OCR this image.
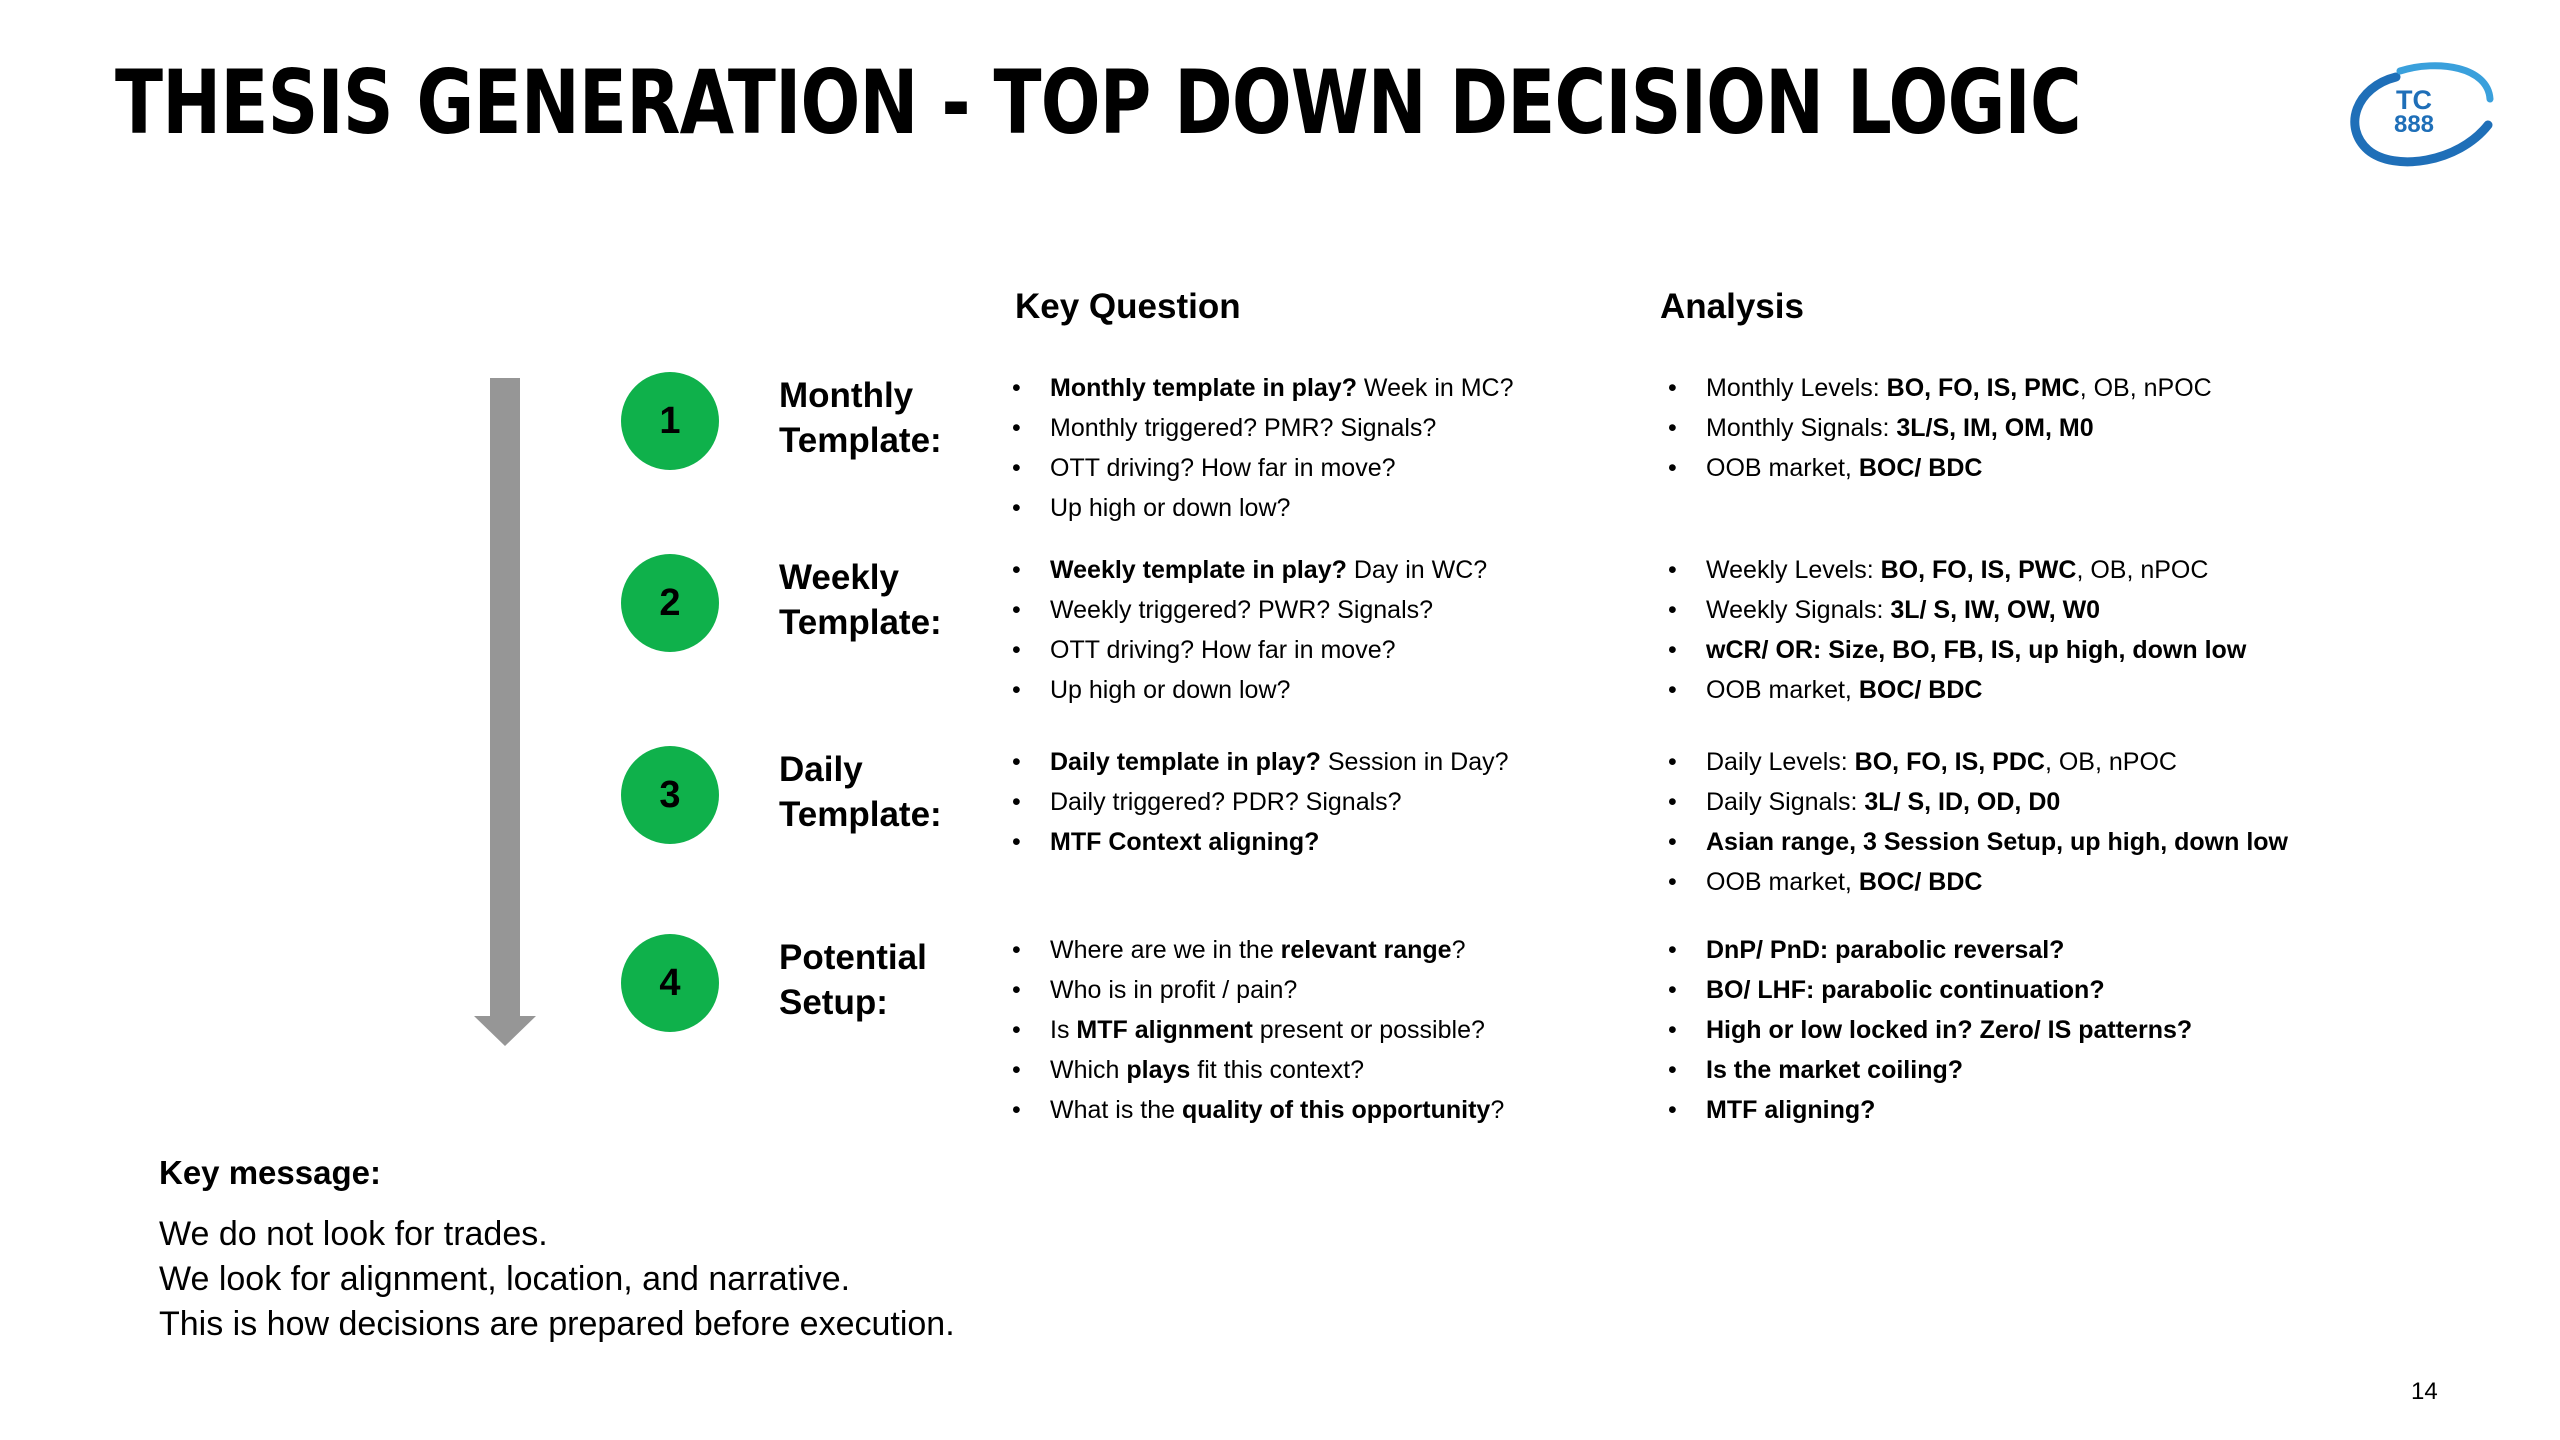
THESIS GENERATION - TOP DOWN DECISION LOGIC	TC
888
Key Question	Analysis
1
Monthly
Template:
• Monthly template in play? Week in MC?
• Monthly triggered? PMR? Signals?
• OTT driving? How far in move?
• Up high or down low?
• Monthly Levels: BO, FO, IS, PMC, OB, nPOC
• Monthly Signals: 3L/S, IM, OM, M0
• OOB market, BOC/ BDC
2
Weekly
Template:
• Weekly template in play? Day in WC?
• Weekly triggered? PWR? Signals?
• OTT driving? How far in move?
• Up high or down low?
• Weekly Levels: BO, FO, IS, PWC, OB, nPOC
• Weekly Signals: 3L/ S, IW, OW, W0
• wCR/ OR: Size, BO, FB, IS, up high, down low
• OOB market, BOC/ BDC
3
Daily
Template:
• Daily template in play? Session in Day?
• Daily triggered? PDR? Signals?
• MTF Context aligning?
• Daily Levels: BO, FO, IS, PDC, OB, nPOC
• Daily Signals: 3L/ S, ID, OD, D0
• Asian range, 3 Session Setup, up high, down low
• OOB market, BOC/ BDC
4
Potential
Setup:
• Where are we in the relevant range?
• Who is in profit / pain?
• Is MTF alignment present or possible?
• Which plays fit this context?
• What is the quality of this opportunity?
• DnP/ PnD: parabolic reversal?
• BO/ LHF: parabolic continuation?
• High or low locked in? Zero/ IS patterns?
• Is the market coiling?
• MTF aligning?
Key message:
We do not look for trades.
We look for alignment, location, and narrative.
This is how decisions are prepared before execution.
14
